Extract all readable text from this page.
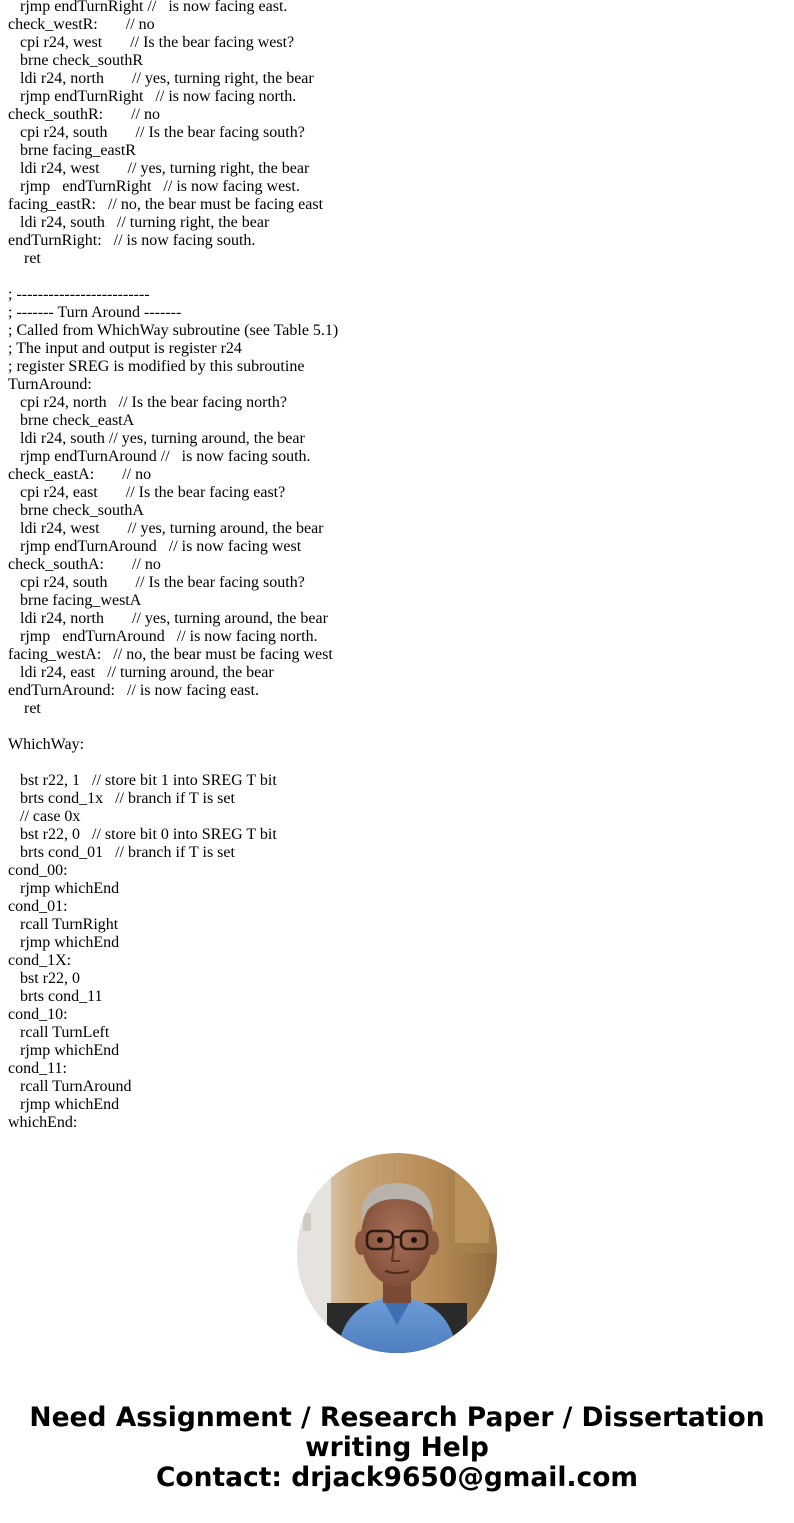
rjmp endTurnRight //   is now facing east.
check_westR:       // no
cpi r24, west       // Is the bear facing west?
brne check_southR
ldi r24, north       // yes, turning right, the bear
rjmp endTurnRight   // is now facing north.
check_southR:       // no
cpi r24, south       // Is the bear facing south?
brne facing_eastR
ldi r24, west       // yes, turning right, the bear
rjmp   endTurnRight   // is now facing west.
facing_eastR:   // no, the bear must be facing east
ldi r24, south   // turning right, the bear
endTurnRight:   // is now facing south.
ret
; -------------------------
; ------- Turn Around -------
; Called from WhichWay subroutine (see Table 5.1)
; The input and output is register r24
; register SREG is modified by this subroutine
TurnAround:
cpi r24, north   // Is the bear facing north?
brne check_eastA
ldi r24, south // yes, turning around, the bear
rjmp endTurnAround //   is now facing south.
check_eastA:       // no
cpi r24, east       // Is the bear facing east?
brne check_southA
ldi r24, west       // yes, turning around, the bear
rjmp endTurnAround   // is now facing west
check_southA:       // no
cpi r24, south       // Is the bear facing south?
brne facing_westA
ldi r24, north       // yes, turning around, the bear
rjmp   endTurnAround   // is now facing north.
facing_westA:   // no, the bear must be facing west
ldi r24, east   // turning around, the bear
endTurnAround:   // is now facing east.
ret
WhichWay:
bst r22, 1   // store bit 1 into SREG T bit
brts cond_1x   // branch if T is set
// case 0x
bst r22, 0   // store bit 0 into SREG T bit
brts cond_01   // branch if T is set
cond_00:
rjmp whichEnd
cond_01:
rcall TurnRight
rjmp whichEnd
cond_1X:
bst r22, 0
brts cond_11
cond_10:
rcall TurnLeft
rjmp whichEnd
cond_11:
rcall TurnAround
rjmp whichEnd
whichEnd:
Need Assignment / Research Paper / Dissertation
writing Help
Contact: drjack9650@gmail.com
